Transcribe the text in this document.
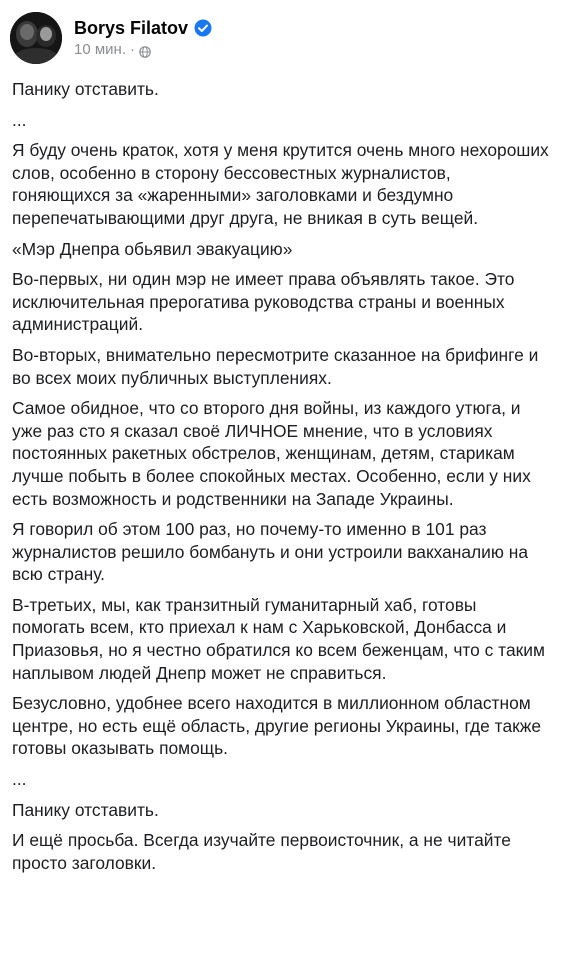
Borys Filatov
10 мин. ·

Панику отставить.

...

Я буду очень краток, хотя у меня крутится очень много нехороших слов, особенно в сторону бессовестных журналистов, гоняющихся за «жаренными» заголовками и бездумно перепечатывающими друг друга, не вникая в суть вещей.

«Мэр Днепра обьявил эвакуацию»

Во-первых, ни один мэр не имеет права объявлять такое. Это исключительная прерогатива руководства страны и военных администраций.

Во-вторых, внимательно пересмотрите сказанное на брифинге и во всех моих публичных выступлениях.

Самое обидное, что со второго дня войны, из каждого утюга, и уже раз сто я сказал своё ЛИЧНОЕ мнение, что в условиях постоянных ракетных обстрелов, женщинам, детям, старикам лучше побыть в более спокойных местах. Особенно, если у них есть возможность и родственники на Западе Украины.

Я говорил об этом 100 раз, но почему-то именно в 101 раз журналистов решило бомбануть и они устроили вакханалию на всю страну.

В-третьих, мы, как транзитный гуманитарный хаб, готовы помогать всем, кто приехал к нам с Харьковской, Донбасса и Приазовья, но я честно обратился ко всем беженцам, что с таким наплывом людей Днепр может не справиться.

Безусловно, удобнее всего находится в миллионном областном центре, но есть ещё область, другие регионы Украины, где также готовы оказывать помощь.

...

Панику отставить.

И ещё просьба. Всегда изучайте первоисточник, а не читайте просто заголовки.
